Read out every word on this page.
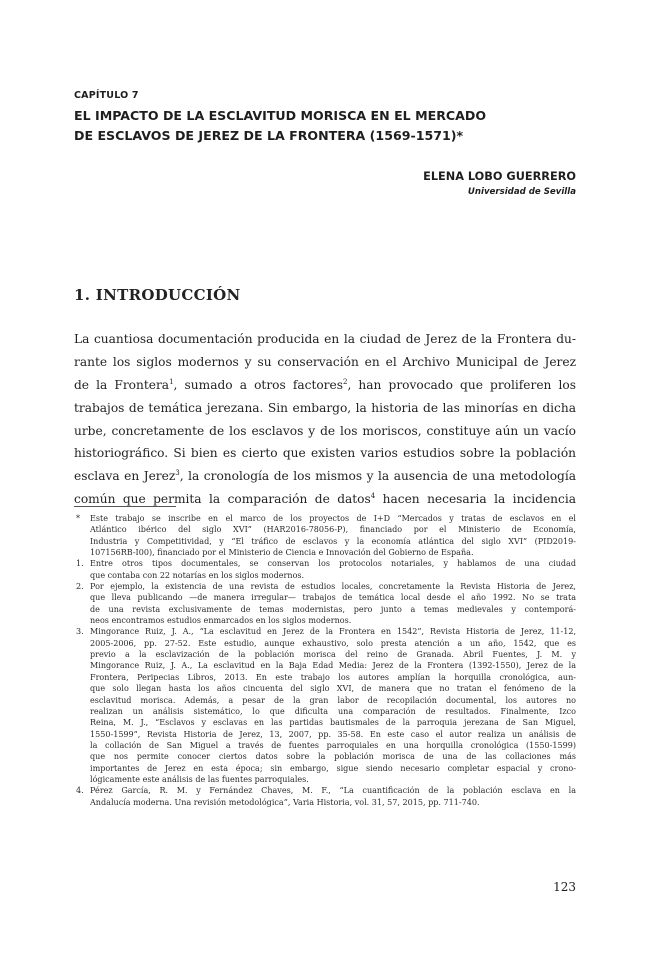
CAPÍTULO 7

EL IMPACTO DE LA ESCLAVITUD MORISCA EN EL MERCADO
DE ESCLAVOS DE JEREZ DE LA FRONTERA (1569-1571)*

ELENA LOBO GUERRERO

Universidad de Sevilla

1. INTRODUCCIÓN
La cuantiosa documentación producida en la ciudad de Jerez de la Frontera du-
rante los siglos modernos y su conservación en el Archivo Municipal de Jerez
de la Frontera$^1$, sumado a otros factores$^2$, han provocado que proliferen los
trabajos de temática jerezana. Sin embargo, la historia de las minorías en dicha
urbe, concretamente de los esclavos y de los moriscos, constituye aún un vacío
historiográfico. Si bien es cierto que existen varios estudios sobre la población
esclava en Jerez$^3$, la cronología de los mismos y la ausencia de una metodología
común que permita la comparación de datos$^4$ hacen necesaria la incidencia
*	Este trabajo se inscribe en el marco de los proyectos de I+D “Mercados y tratas de esclavos en el
Atlántico ibérico del siglo XVI” (HAR2016-78056-P), financiado por el Ministerio de Economía,
Industria y Competitividad, y “El tráfico de esclavos y la economía atlántica del siglo XVI” (PID2019-
107156RB-I00), financiado por el Ministerio de Ciencia e Innovación del Gobierno de España.
1. Entre otros tipos documentales, se conservan los protocolos notariales, y hablamos de una ciudad
que contaba con 22 notarías en los siglos modernos.
2. Por ejemplo, la existencia de una revista de estudios locales, concretamente la Revista Historia de Jerez,
que lleva publicando —de manera irregular— trabajos de temática local desde el año 1992. No se trata
de una revista exclusivamente de temas modernistas, pero junto a temas medievales y contemporá-
neos encontramos estudios enmarcados en los siglos modernos.
3. Mingorance Ruiz, J. A., “La esclavitud en Jerez de la Frontera en 1542”, Revista Historia de Jerez, 11-12,
2005-2006, pp. 27-52. Este estudio, aunque exhaustivo, solo presta atención a un año, 1542, que es
previo a la esclavización de la población morisca del reino de Granada. Abril Fuentes, J. M. y
Mingorance Ruiz, J. A., La esclavitud en la Baja Edad Media: Jerez de la Frontera (1392-1550), Jerez de la
Frontera, Peripecias Libros, 2013. En este trabajo los autores amplían la horquilla cronológica, aun-
que solo llegan hasta los años cincuenta del siglo XVI, de manera que no tratan el fenómeno de la
esclavitud morisca. Además, a pesar de la gran labor de recopilación documental, los autores no
realizan un análisis sistemático, lo que dificulta una comparación de resultados. Finalmente, Izco
Reina, M. J., “Esclavos y esclavas en las partidas bautismales de la parroquia jerezana de San Miguel,
1550-1599”, Revista Historia de Jerez, 13, 2007, pp. 35-58. En este caso el autor realiza un análisis de
la collación de San Miguel a través de fuentes parroquiales en una horquilla cronológica (1550-1599)
que nos permite conocer ciertos datos sobre la población morisca de una de las collaciones más
importantes de Jerez en esta época; sin embargo, sigue siendo necesario completar espacial y crono-
lógicamente este análisis de las fuentes parroquiales.
4. Pérez García, R. M. y Fernández Chaves, M. F., “La cuantificación de la población esclava en la
Andalucía moderna. Una revisión metodológica”, Varia Historia, vol. 31, 57, 2015, pp. 711-740.

123
